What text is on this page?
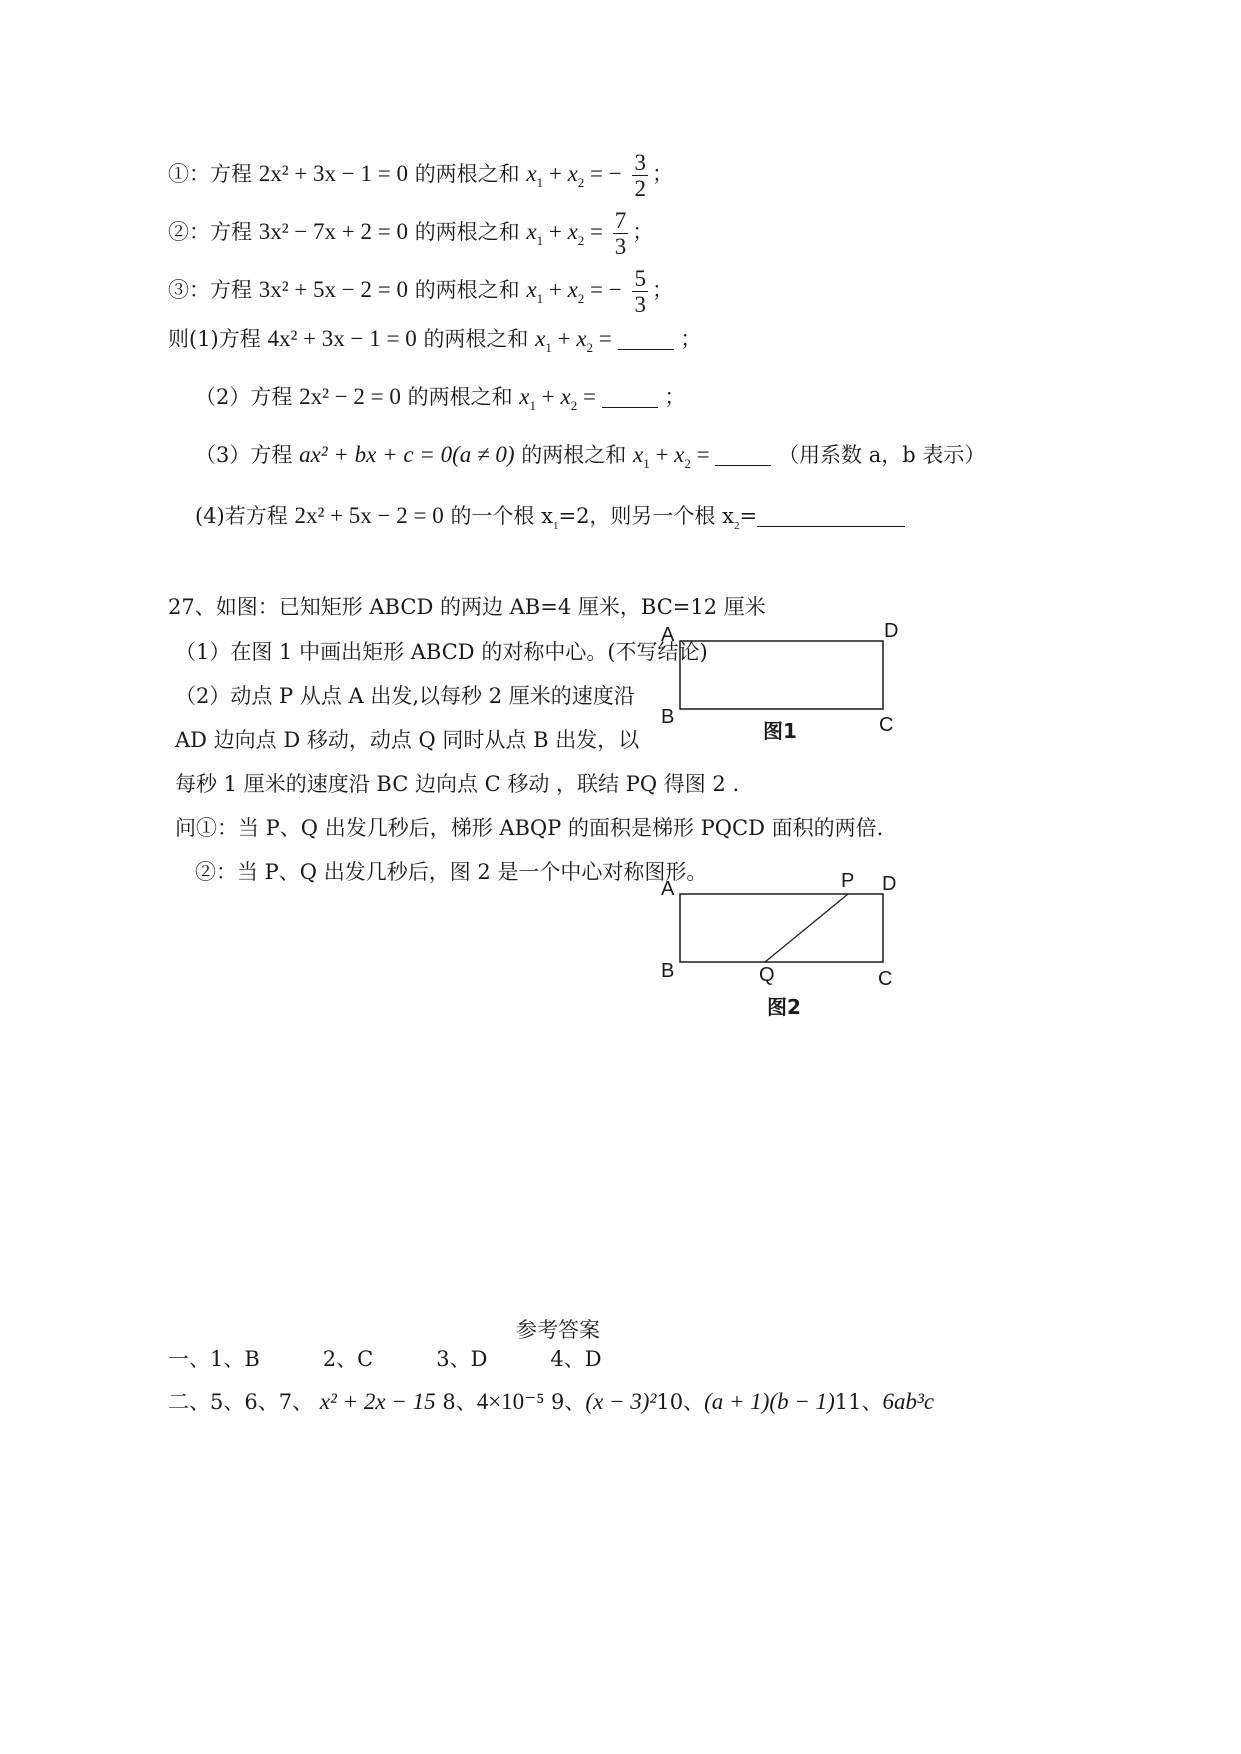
①：方程 2x² + 3x − 1 = 0 的两根之和 $x_1 + x_2$ = − $\frac{3}{2}$ ；
②：方程 3x² − 7x + 2 = 0 的两根之和 $x_1 + x_2 = \frac{7}{3}$ ；
③：方程 3x² + 5x − 2 = 0 的两根之和 $x_1 + x_2$ = − $\frac{5}{3}$ ；
则(1)方程 4x² + 3x − 1 = 0 的两根之和 $x_1 + x_2$ =	；
（2）方程 2x² − 2 = 0 的两根之和 $x_1 + x_2$ =	；
（3）方程 ax² + bx + c = 0(a ≠ 0) 的两根之和 $x_1 + x_2$ =	（用系数 a，b 表示）
(4)若方程 2x² + 5x − 2 = 0 的一个根 $x_1=2$，则另一个根 $x_2=$
27、如图：已知矩形 ABCD 的两边 AB=4 厘米，BC=12 厘米
（1）在图 1 中画出矩形 ABCD 的对称中心。(不写结论)
（2）动点 P 从点 A 出发,以每秒 2 厘米的速度沿
AD 边向点 D 移动，动点 Q 同时从点 B 出发，以
每秒 1 厘米的速度沿 BC 边向点 C 移动 ，联结 PQ 得图 2 .
问①：当 P、Q 出发几秒后，梯形 ABQP 的面积是梯形 PQCD 面积的两倍.
②：当 P、Q 出发几秒后，图 2 是一个中心对称图形。
A	D
B	C
图1
A	P D
B	Q	C
图2
参考答案
一、1、B　　　2、C　　　3、D　　　4、D
二、5、6、7、 x² + 2x − 15 8、4×10⁻⁵ 9、(x − 3)²10、(a + 1)(b − 1)11、6ab³c
